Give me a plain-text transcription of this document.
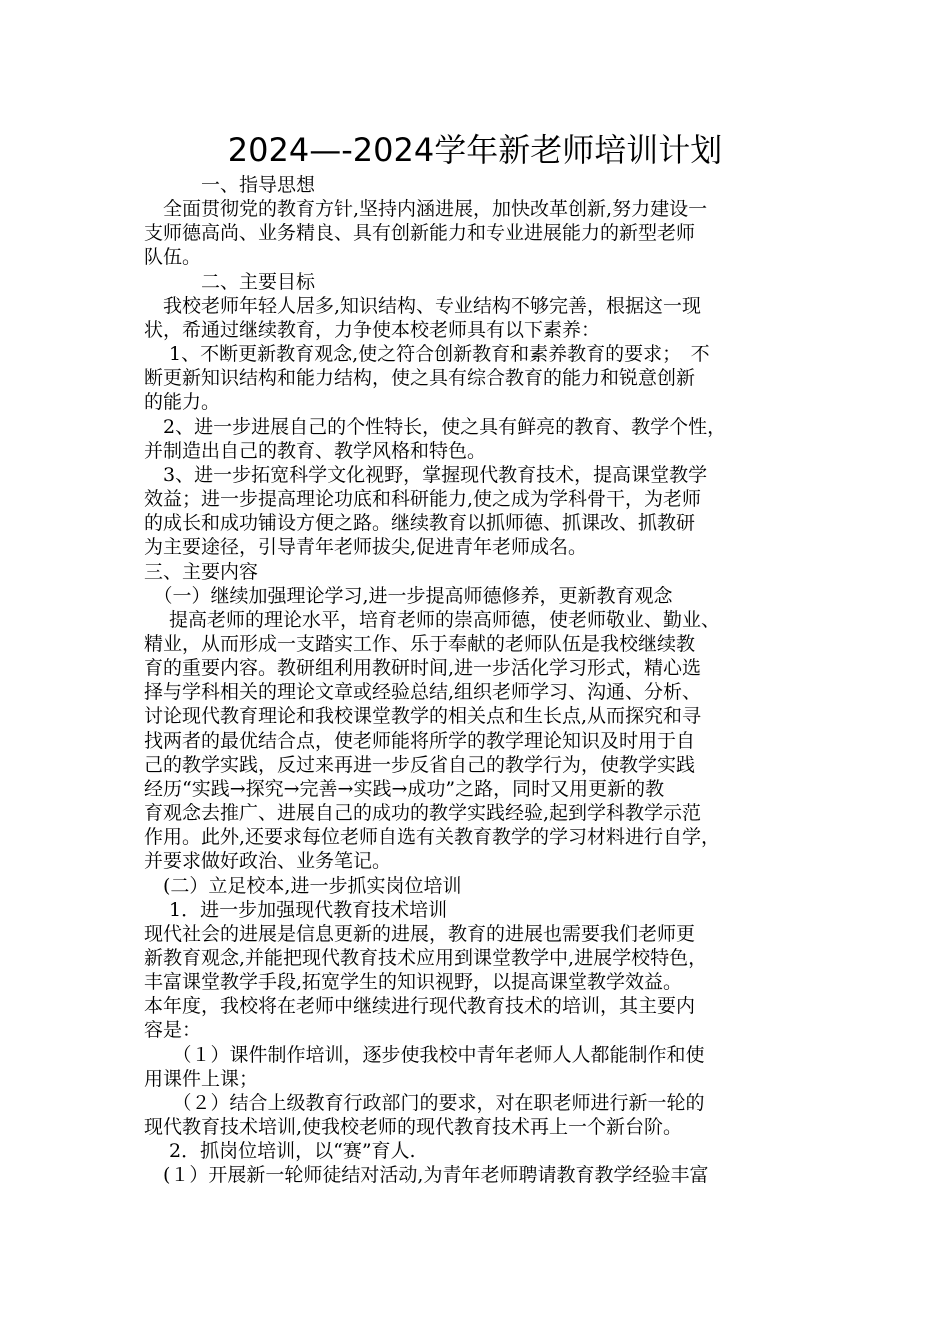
2024—-2024学年新老师培训计划

　　　一、指导思想

　全面贯彻党的教育方针,坚持内涵进展，加快改革创新,努力建设一

支师德高尚、业务精良、具有创新能力和专业进展能力的新型老师

队伍。

　　　二、主要目标

　我校老师年轻人居多,知识结构、专业结构不够完善，根据这一现

状，希通过继续教育，力争使本校老师具有以下素养：

　 1、不断更新教育观念,使之符合创新教育和素养教育的要求；　不

断更新知识结构和能力结构，使之具有综合教育的能力和锐意创新

的能力。

　2、进一步进展自己的个性特长，使之具有鲜亮的教育、教学个性，

并制造出自己的教育、教学风格和特色。

　3、进一步拓宽科学文化视野，掌握现代教育技术，提高课堂教学

效益；进一步提高理论功底和科研能力,使之成为学科骨干，为老师

的成长和成功铺设方便之路。继续教育以抓师德、抓课改、抓教研

为主要途径，引导青年老师拔尖,促进青年老师成名。

三、主要内容

　（一）继续加强理论学习,进一步提高师德修养，更新教育观念

　 提高老师的理论水平，培育老师的崇高师德，使老师敬业、勤业、

精业，从而形成一支踏实工作、乐于奉献的老师队伍是我校继续教

育的重要内容。教研组利用教研时间,进一步活化学习形式，精心选

择与学科相关的理论文章或经验总结,组织老师学习、沟通、分析、

讨论现代教育理论和我校课堂教学的相关点和生长点,从而探究和寻

找两者的最优结合点，使老师能将所学的教学理论知识及时用于自

己的教学实践，反过来再进一步反省自己的教学行为，使教学实践

经历“实践→探究→完善→实践→成功”之路，同时又用更新的教

育观念去推广、进展自己的成功的教学实践经验,起到学科教学示范

作用。此外,还要求每位老师自选有关教育教学的学习材料进行自学，

并要求做好政治、业务笔记。

　(二）立足校本,进一步抓实岗位培训

　 1．进一步加强现代教育技术培训

现代社会的进展是信息更新的进展，教育的进展也需要我们老师更

新教育观念,并能把现代教育技术应用到课堂教学中,进展学校特色，

丰富课堂教学手段,拓宽学生的知识视野，以提高课堂教学效益。

本年度，我校将在老师中继续进行现代教育技术的培训，其主要内

容是：

　　（１）课件制作培训，逐步使我校中青年老师人人都能制作和使

用课件上课；

　　（２）结合上级教育行政部门的要求，对在职老师进行新一轮的

现代教育技术培训,使我校老师的现代教育技术再上一个新台阶。

　 2．抓岗位培训，以“赛”育人.

　(１）开展新一轮师徒结对活动,为青年老师聘请教育教学经验丰富
